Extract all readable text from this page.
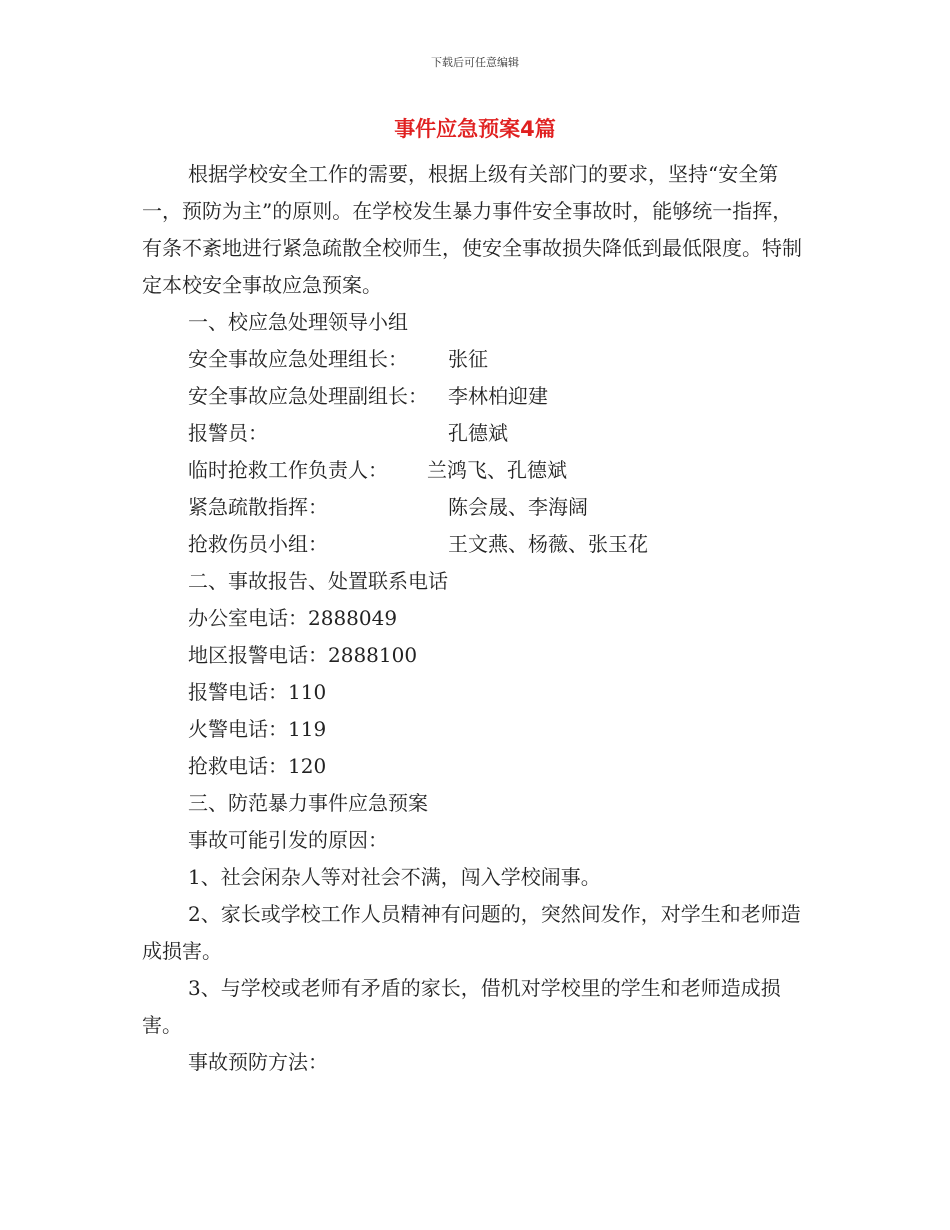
下载后可任意编辑
事件应急预案4篇

根据学校安全工作的需要，根据上级有关部门的要求，坚持“安全第一，预防为主”的原则。在学校发生暴力事件安全事故时，能够统一指挥，有条不紊地进行紧急疏散全校师生，使安全事故损失降低到最低限度。特制定本校安全事故应急预案。

一、校应急处理领导小组

安全事故应急处理组长： 张征
安全事故应急处理副组长： 李林柏迎建
报警员：	孔德斌
临时抢救工作负责人： 兰鸿飞、孔德斌
紧急疏散指挥：	陈会晟、李海阔
抢救伤员小组：	王文燕、杨薇、张玉花

二、事故报告、处置联系电话

办公室电话：2888049

地区报警电话：2888100

报警电话：110

火警电话：119

抢救电话：120

三、防范暴力事件应急预案

事故可能引发的原因：

1、社会闲杂人等对社会不满，闯入学校闹事。

2、家长或学校工作人员精神有问题的，突然间发作，对学生和老师造成损害。

3、与学校或老师有矛盾的家长，借机对学校里的学生和老师造成损害。

事故预防方法：
